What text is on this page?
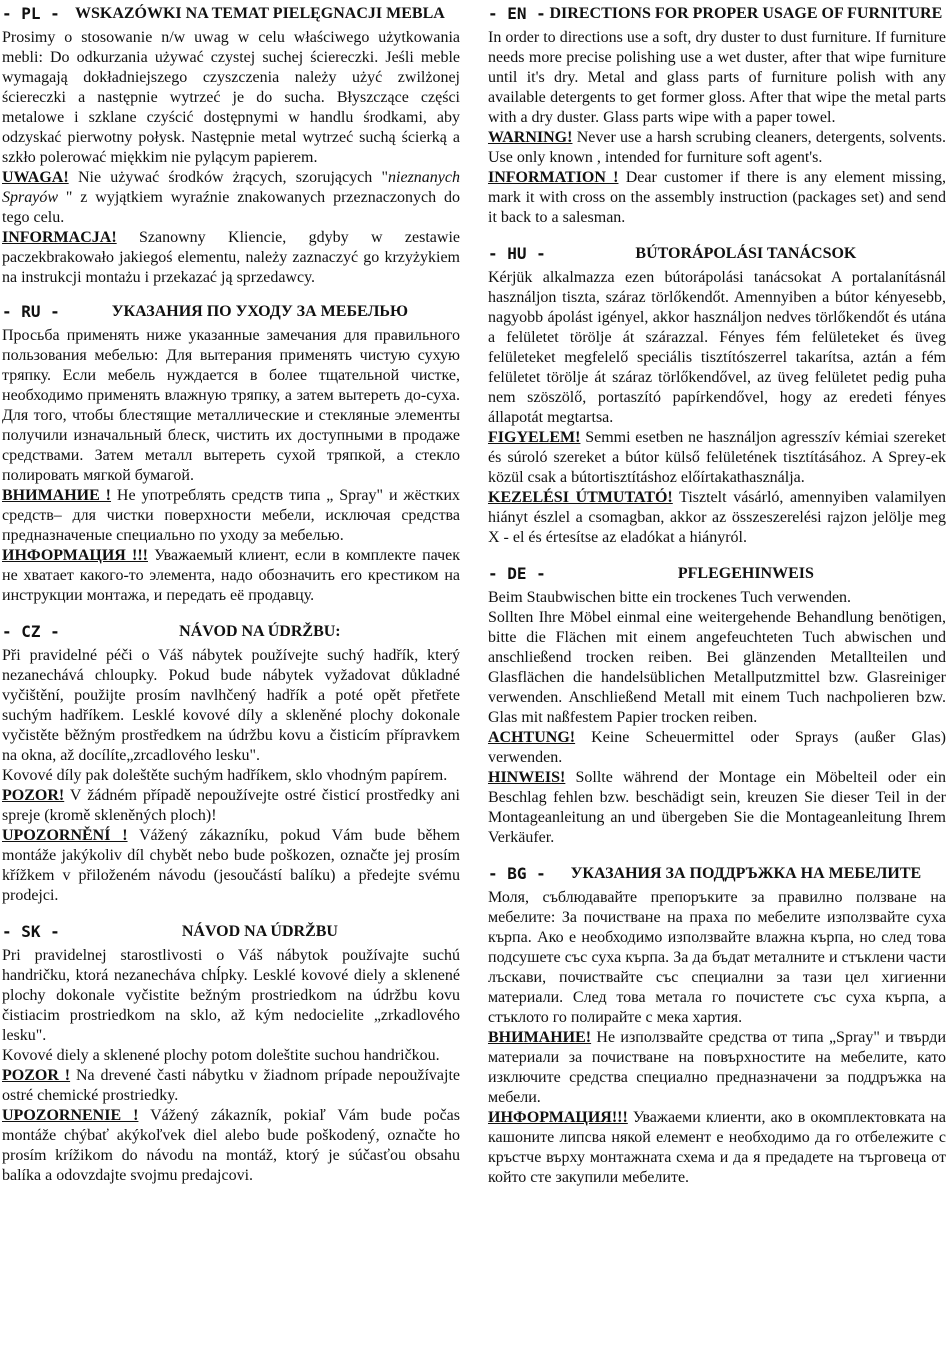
- PL - WSKAZÓWKI NA TEMAT PIELĘGNACJI MEBLA

Prosimy o stosowanie n/w uwag w celu właściwego użytkowania mebli: Do odkurzania używać czystej suchej ściereczki. Jeśli meble wymagają dokładniejszego czyszczenia należy użyć zwilżonej ściereczki a następnie wytrzeć je do sucha. Błyszczące części metalowe i szklane czyścić dostępnymi w handlu środkami, aby odzyskać pierwotny połysk. Następnie metal wytrzeć suchą ścierką a szkło polerować miękkim nie pylącym papierem.

UWAGA! Nie używać środków żrących, szorujących "nieznanych Sprayów " z wyjątkiem wyraźnie znakowanych przeznaczonych do tego celu.

INFORMACJA! Szanowny Kliencie, gdyby w zestawie paczekbrakowało jakiegoś elementu, należy zaznaczyć go krzyżykiem na instrukcji montażu i przekazać ją sprzedawcy.

- RU -	УКАЗАНИЯ ПО УХОДУ ЗА МЕБЕЛЬЮ

Просьба применять ниже указанные замечания для правильного пользования мебелью: Для вытерания применять чистую сухую тряпку. Если мебель нуждается в более тщательной чистке, необходимо применять влажную тряпку, а затем вытереть до-суха. Для того, чтобы блестящие металлические и стекляные элементы получили изначальный блеск, чистить их доступными в продаже средствами. Затем металл вытереть сухой тряпкой, а стекло полировать мягкой бумагой.

ВНИМАНИЕ ! Не употреблять средств типа „ Spray" и жёстких средств– для чистки поверхности мебели, исключая средства предназначеные специально по уходу за мебелью.

ИНФОРМАЦИЯ !!! Уважаемый клиент, если в комплекте пачек не хватает какого-то элемента, надо обозначить его крестиком на инструкции монтажа, и передать её продавцу.

- CZ -	NÁVOD NA ÚDRŽBU:

Při pravidelné péči o Váš nábytek používejte suchý hadřík, který nezanechává chloupky. Pokud bude nábytek vyžadovat důkladné vyčištění, použijte prosím navlhčený hadřík a poté opět přetřete suchým hadříkem. Lesklé kovové díly a skleněné plochy dokonale vyčistěte běžným prostředkem na údržbu kovu a čisticím přípravkem na okna, až docílíte„zrcadlového lesku".

Kovové díly pak doleštěte suchým hadříkem, sklo vhodným papírem.

POZOR! V žádném případě nepoužívejte ostré čisticí prostředky ani spreje (kromě skleněných ploch)!

UPOZORNĚNÍ ! Vážený zákazníku, pokud Vám bude během montáže jakýkoliv díl chybět nebo bude poškozen, označte jej prosím křížkem v přiloženém návodu (jesoučástí balíku) a předejte svému prodejci.

- SK -	NÁVOD NA ÚDRŽBU

Pri pravidelnej starostlivosti o Váš nábytok používajte suchú handričku, ktorá nezanecháva chĺpky. Lesklé kovové diely a sklenené plochy dokonale vyčistite bežným prostriedkom na údržbu kovu čistiacim prostriedkom na sklo, až kým nedocielite „zrkadlového lesku".

Kovové diely a sklenené plochy potom doleštite suchou handričkou.

POZOR ! Na drevené časti nábytku v žiadnom prípade nepoužívajte ostré chemické prostriedky.

UPOZORNENIE ! Vážený zákazník, pokiaľ Vám bude počas montáže chýbať akýkoľvek diel alebo bude poškodený, označte ho prosím krížikom do návodu na montáž, ktorý je súčasťou obsahu balíka a odovzdajte svojmu predajcovi.

- EN - DIRECTIONS FOR PROPER USAGE OF FURNITURE

In order to directions use a soft, dry duster to dust furniture. If furniture needs more precise polishing use a wet duster, after that wipe furniture until it's dry. Metal and glass parts of furniture polish with any available detergents to get former gloss. After that wipe the metal parts with a dry duster. Glass parts wipe with a paper towel.

WARNING! Never use a harsh scrubing cleaners, detergents, solvents. Use only known , intended for furniture soft agent's.

INFORMATION ! Dear customer if there is any element missing, mark it with cross on the assembly instruction (packages set) and send it back to a salesman.

- HU -	BÚTORÁPOLÁSI TANÁCSOK

Kérjük alkalmazza ezen bútorápolási tanácsokat A portalanításnál használjon tiszta, száraz törlőkendőt. Amennyiben a bútor kényesebb, nagyobb ápolást igényel, akkor használjon nedves törlőkendőt és utána a felületet törölje át szárazzal. Fényes fém felületeket és üveg felületeket megfelelő speciális tisztítószerrel takarítsa, aztán a fém felületet törölje át száraz törlőkendővel, az üveg felületet pedig puha nem szöszölő, portaszító papírkendővel, hogy az eredeti fényes állapotát megtartsa.

FIGYELEM! Semmi esetben ne használjon agresszív kémiai szereket és súroló szereket a bútor külső felületének tisztításához. A Sprey-ek közül csak a bútortisztításhoz előírtakathasználja.

KEZELÉSI ÚTMUTATÓ! Tisztelt vásárló, amennyiben valamilyen hiányt észlel a csomagban, akkor az összeszerelési rajzon jelölje meg X - el és értesítse az eladókat a hiányról.

- DE -	PFLEGEHINWEIS

Beim Staubwischen bitte ein trockenes Tuch verwenden.

Sollten Ihre Möbel einmal eine weitergehende Behandlung benötigen, bitte die Flächen mit einem angefeuchteten Tuch abwischen und anschließend trocken reiben. Bei glänzenden Metallteilen und Glasflächen die handelsüblichen Metallputzmittel bzw. Glasreiniger verwenden. Anschließend Metall mit einem Tuch nachpolieren bzw. Glas mit naßfestem Papier trocken reiben.

ACHTUNG! Keine Scheuermittel oder Sprays (außer Glas) verwenden.

HINWEIS! Sollte während der Montage ein Möbelteil oder ein Beschlag fehlen bzw. beschädigt sein, kreuzen Sie dieser Teil in der Montageanleitung an und übergeben Sie die Montageanleitung Ihrem Verkäufer.

- BG -	УКАЗАНИЯ ЗА ПОДДРЪЖКА НА МЕБЕЛИТЕ

Моля, съблюдавайте препоръките за правилно ползване на мебелите: За почистване на праха по мебелите използвайте суха кърпа. Ако е необходимо използвайте влажна кърпа, но след това подсушете със суха кърпа. За да бъдат металните и стъклени части лъскави, почиствайте със специални за тази цел хигиенни материали. След това метала го почистете със суха кърпа, а стъклото го полирайте с мека хартия.

ВНИМАНИЕ! Не използвайте средства от типа „Spray" и твърди материали за почистване на повърхностите на мебелите, като изключите средства специално предназначени за поддръжка на мебели.

ИНФОРМАЦИЯ!!! Уважаеми клиенти, ако в окомплектовката на кашоните липсва някой елемент е необходимо да го отбележите с кръстче върху монтажната схема и да я предадете на търговеца от който сте закупили мебелите.
